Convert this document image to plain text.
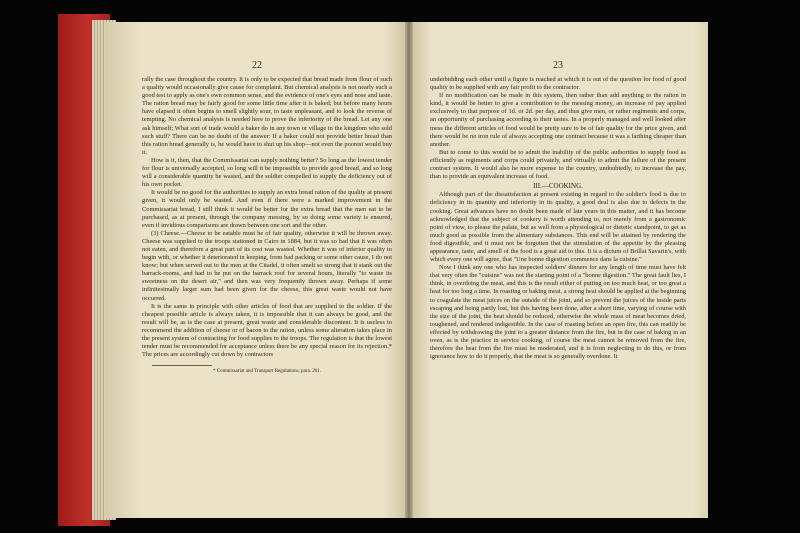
22

rally the case throughout the country. It is only to be expected that bread made from flour of such a quality would occasionally give cause for complaint. But chemical analysis is not nearly such a good test to apply as one's own common sense, and the evidence of one's eyes and nose and taste. The ration bread may be fairly good for some little time after it is baked; but before many hours have elapsed it often begins to smell slightly sour, to taste unpleasant, and to look the reverse of tempting. No chemical analysis is needed here to prove the inferiority of the bread. Let any one ask himself; What sort of trade would a baker do in any town or village in the kingdom who sold such stuff? There can be no doubt of the answer: If a baker could not provide better bread than this ration bread generally is, he would have to shut up his shop—not even the poorest would buy it.

How is it, then, that the Commissariat can supply nothing better? So long as the lowest tender for flour is universally accepted, so long will it be impossible to provide good bread, and so long will a considerable quantity be wasted, and the soldier compelled to supply the deficiency out of his own pocket.

It would be no good for the authorities to supply an extra bread ration of the quality at present given, it would only be wasted. And even if there were a marked improvement in the Commissariat bread, I still think it would be better for the extra bread that the men eat to be purchased, as at present, through the company messing, by so doing some variety is ensured, even if invidious comparisons are drawn between one sort and the other.

(3) Cheese.—Cheese to be eatable must be of fair quality, otherwise it will be thrown away. Cheese was supplied to the troops stationed in Cairo in 1884, but it was so bad that it was often not eaten, and therefore a great part of its cost was wasted. Whether it was of inferior quality to begin with, or whether it deteriorated in keeping, from bad packing or some other cause, I do not know; but when served out to the men at the Citadel, it often smelt so strong that it stank out the barrack-rooms, and had to be put on the barrack roof for several hours, literally "to waste its sweetness on the desert air," and then was very frequently thrown away. Perhaps if some infinitesimally larger sum had been given for the cheese, this great waste would not have occurred.

It is the same in principle with other articles of food that are supplied to the soldier. If the cheapest possible article is always taken, it is impossible that it can always be good, and the result will be, as is the case at present, great waste and considerable discontent. It is useless to recommend the addition of cheese or of bacon to the ration, unless some alteration takes place in the present system of contracting for food supplies to the troops. The regulation is that the lowest tender must be recommended for acceptance unless there be any special reason for its rejection.* The prices are accordingly cut down by contractors

* Commissariat and Transport Regulations, para. 261.
23

underbidding each other until a figure is reached at which it is out of the question for food of good quality to be supplied with any fair profit to the contractor.

If no modification can be made in this system, then rather than add anything to the ration in kind, it would be better to give a contribution to the messing money, an increase of pay applied exclusively to that purpose of 1d. or 2d. per day, and thus give men, or rather regiments and corps, an opportunity of purchasing according to their tastes. In a properly managed and well looked after mess the different articles of food would be pretty sure to be of fair quality for the price given, and there would be no iron rule of always accepting one contract because it was a farthing cheaper than another.

But to come to this would be to admit the inability of the public authorities to supply food as efficiently as regiments and corps could privately, and virtually to admit the failure of the present contract system. It would also be more expense to the country, undoubtedly, to increase the pay, than to provide an equivalent increase of food.

III.—COOKING.

Although part of the dissatisfaction at present existing in regard to the soldier's food is due to deficiency in its quantity and inferiority in its quality, a good deal is also due to defects in the cooking. Great advances have no doubt been made of late years in this matter, and it has become acknowledged that the subject of cookery is worth attending to, not merely from a gastronomic point of view, to please the palate, but as well from a physiological or dietetic standpoint, to get as much good as possible from the alimentary substances. This end will be attained by rendering the food digestible, and it must not be forgotten that the stimulation of the appetite by the pleasing appearance, taste, and smell of the food is a great aid to this. It is a dictum of Brillat Savarin's, with which every one will agree, that "Une bonne digestion commence dans la cuisine."

Now I think any one who has inspected soldiers' dinners for any length of time must have felt that very often the "cuisine" was not the starting point of a "bonne digestion." The great fault lies, I think, in overdoing the meat, and this is the result either of putting on too much heat, or too great a heat for too long a time. In roasting or baking meat, a strong heat should be applied at the beginning to coagulate the meat juices on the outside of the joint, and so prevent the juices of the inside parts escaping and being partly lost, but this having been done, after a short time, varying of course with the size of the joint, the heat should be reduced, otherwise the whole mass of meat becomes dried, toughened, and rendered indigestible. In the case of roasting before an open fire, this can readily be effected by withdrawing the joint to a greater distance from the fire, but in the case of baking in an oven, as is the practice in service cooking, of course the meat cannot be removed from the fire, therefore the heat from the fire must be moderated, and it is from neglecting to do this, or from ignorance how to do it properly, that the meat is so generally overdone. It
